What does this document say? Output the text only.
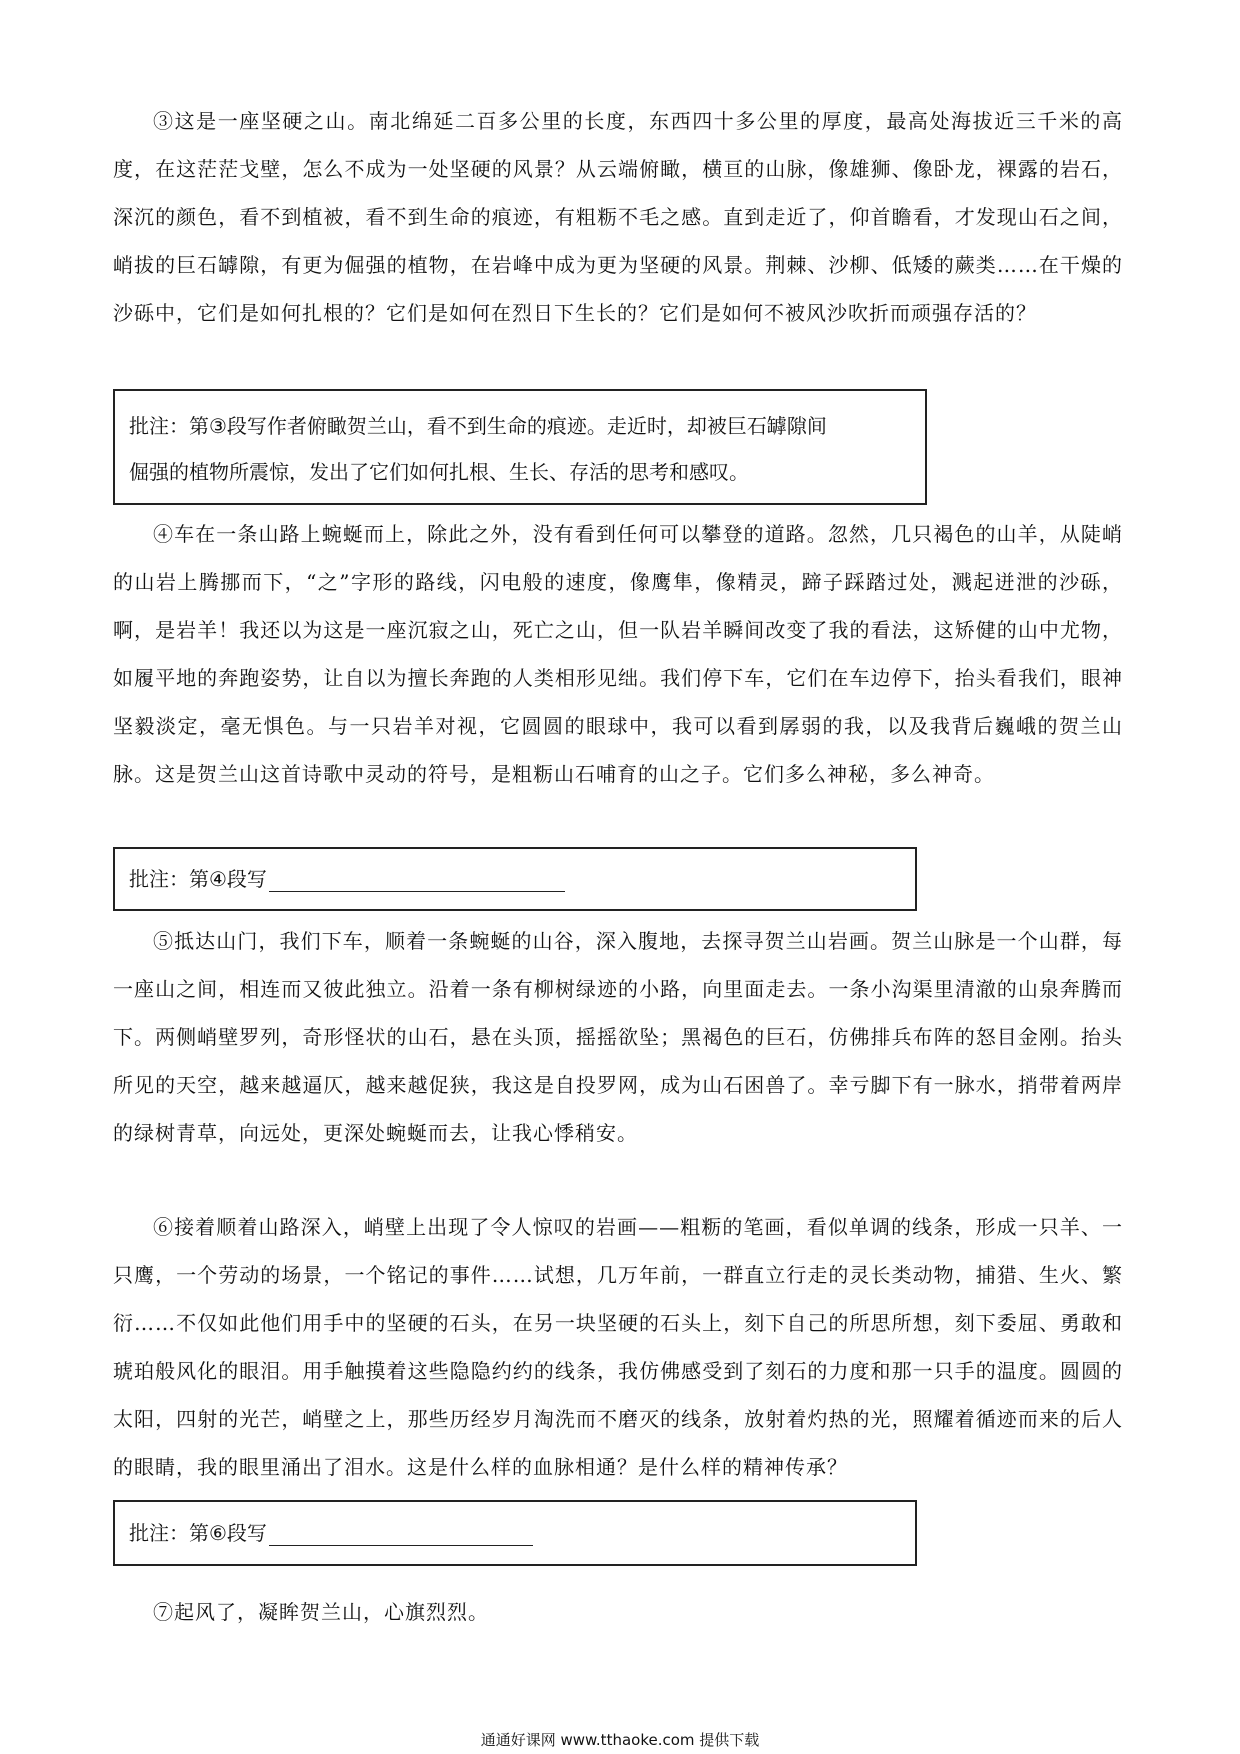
③这是一座坚硬之山。南北绵延二百多公里的长度，东西四十多公里的厚度，最高处海拔近三千米的高度，在这茫茫戈壁，怎么不成为一处坚硬的风景？从云端俯瞰，横亘的山脉，像雄狮、像卧龙，裸露的岩石，深沉的颜色，看不到植被，看不到生命的痕迹，有粗粝不毛之感。直到走近了，仰首瞻看，才发现山石之间，峭拔的巨石罅隙，有更为倔强的植物，在岩峰中成为更为坚硬的风景。荆棘、沙柳、低矮的蕨类……在干燥的沙砾中，它们是如何扎根的？它们是如何在烈日下生长的？它们是如何不被风沙吹折而顽强存活的？

批注：第③段写作者俯瞰贺兰山，看不到生命的痕迹。走近时，却被巨石罅隙间
倔强的植物所震惊，发出了它们如何扎根、生长、存活的思考和感叹。

④车在一条山路上蜿蜒而上，除此之外，没有看到任何可以攀登的道路。忽然，几只褐色的山羊，从陡峭的山岩上腾挪而下，“之”字形的路线，闪电般的速度，像鹰隼，像精灵，蹄子踩踏过处，溅起迸泄的沙砾，啊，是岩羊！我还以为这是一座沉寂之山，死亡之山，但一队岩羊瞬间改变了我的看法，这矫健的山中尤物，如履平地的奔跑姿势，让自以为擅长奔跑的人类相形见绌。我们停下车，它们在车边停下，抬头看我们，眼神坚毅淡定，毫无惧色。与一只岩羊对视，它圆圆的眼球中，我可以看到孱弱的我，以及我背后巍峨的贺兰山脉。这是贺兰山这首诗歌中灵动的符号，是粗粝山石哺育的山之子。它们多么神秘，多么神奇。

批注：第④段写

⑤抵达山门，我们下车，顺着一条蜿蜒的山谷，深入腹地，去探寻贺兰山岩画。贺兰山脉是一个山群，每一座山之间，相连而又彼此独立。沿着一条有柳树绿迹的小路，向里面走去。一条小沟渠里清澈的山泉奔腾而下。两侧峭壁罗列，奇形怪状的山石，悬在头顶，摇摇欲坠；黑褐色的巨石，仿佛排兵布阵的怒目金刚。抬头所见的天空，越来越逼仄，越来越促狭，我这是自投罗网，成为山石困兽了。幸亏脚下有一脉水，捎带着两岸的绿树青草，向远处，更深处蜿蜒而去，让我心悸稍安。

⑥接着顺着山路深入，峭壁上出现了令人惊叹的岩画——粗粝的笔画，看似单调的线条，形成一只羊、一只鹰，一个劳动的场景，一个铭记的事件……试想，几万年前，一群直立行走的灵长类动物，捕猎、生火、繁衍……不仅如此他们用手中的坚硬的石头，在另一块坚硬的石头上，刻下自己的所思所想，刻下委屈、勇敢和琥珀般风化的眼泪。用手触摸着这些隐隐约约的线条，我仿佛感受到了刻石的力度和那一只手的温度。圆圆的太阳，四射的光芒，峭壁之上，那些历经岁月淘洗而不磨灭的线条，放射着灼热的光，照耀着循迹而来的后人的眼睛，我的眼里涌出了泪水。这是什么样的血脉相通？是什么样的精神传承？

批注：第⑥段写

⑦起风了，凝眸贺兰山，心旗烈烈。

通通好课网 www.tthaoke.com 提供下载
